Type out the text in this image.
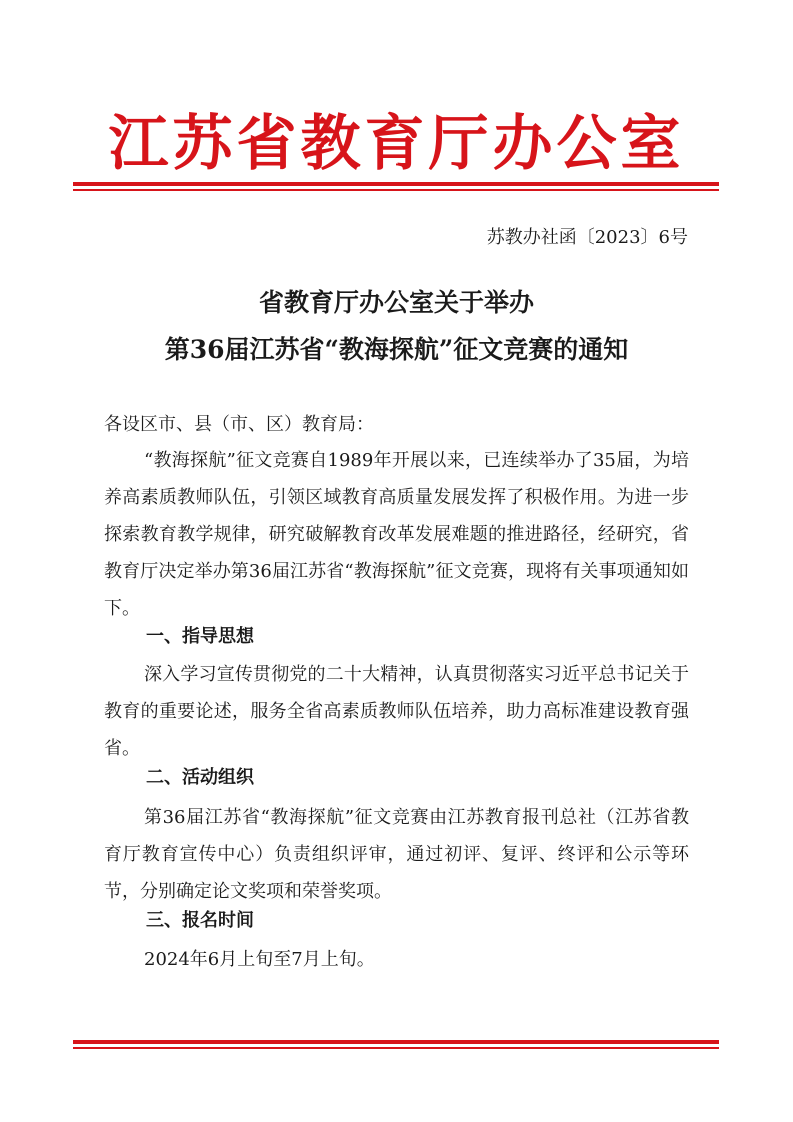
江苏省教育厅办公室
苏教办社函〔2023〕6号
省教育厅办公室关于举办
第36届江苏省“教海探航”征文竞赛的通知

各设区市、县（市、区）教育局：

“教海探航”征文竞赛自1989年开展以来，已连续举办了35届，为培养高素质教师队伍，引领区域教育高质量发展发挥了积极作用。为进一步探索教育教学规律，研究破解教育改革发展难题的推进路径，经研究，省教育厅决定举办第36届江苏省“教海探航”征文竞赛，现将有关事项通知如下。

一、指导思想

深入学习宣传贯彻党的二十大精神，认真贯彻落实习近平总书记关于教育的重要论述，服务全省高素质教师队伍培养，助力高标准建设教育强省。

二、活动组织

第36届江苏省“教海探航”征文竞赛由江苏教育报刊总社（江苏省教育厅教育宣传中心）负责组织评审，通过初评、复评、终评和公示等环节，分别确定论文奖项和荣誉奖项。

三、报名时间

2024年6月上旬至7月上旬。
